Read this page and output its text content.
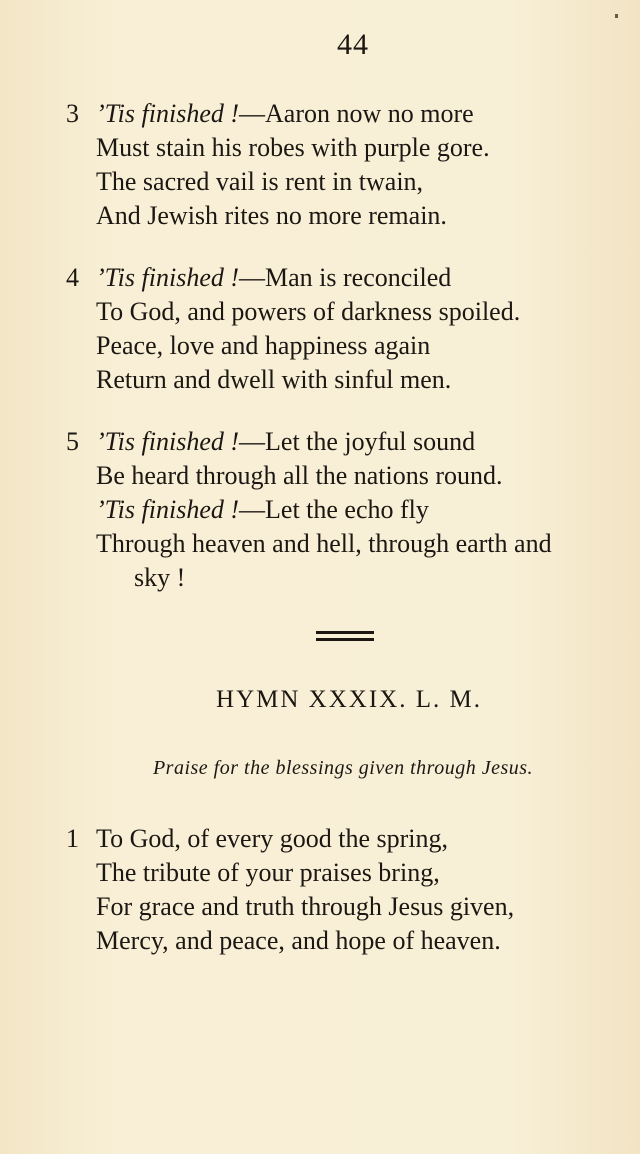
44
3 ’Tis finished !—Aaron now no more
Must stain his robes with purple gore.
The sacred vail is rent in twain,
And Jewish rites no more remain.
4 ’Tis finished !—Man is reconciled
To God, and powers of darkness spoiled.
Peace, love and happiness again
Return and dwell with sinful men.
5 ’Tis finished !—Let the joyful sound
Be heard through all the nations round.
’Tis finished !—Let the echo fly
Through heaven and hell, through earth and
sky !
HYMN XXXIX. L. M.
Praise for the blessings given through Jesus.
1 To God, of every good the spring,
The tribute of your praises bring,
For grace and truth through Jesus given,
Mercy, and peace, and hope of heaven.
